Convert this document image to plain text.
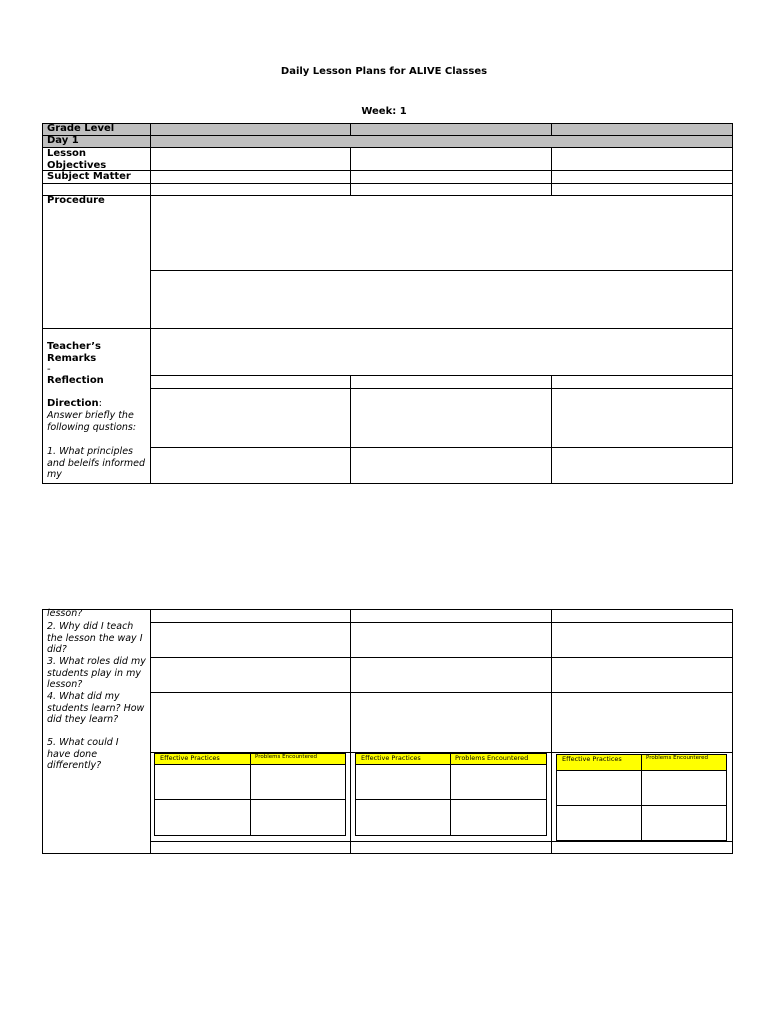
Daily Lesson Plans for ALIVE Classes
Week: 1
Grade Level
Day 1
Lesson Objectives
Subject Matter
Procedure
Teacher’s Remarks
-
Reflection
Direction:
Answer briefly the following qustions:
1. What principles and beleifs informed my
lesson?
2. Why did I teach the lesson the way I did?
3. What roles did my students play in my lesson?
4. What did my students learn? How did they learn?
5. What could I have done differently?
Effective Practices	Problems Encountered	Effective Practices	Problems Encountered	Effective Practices	Problems Encountered
